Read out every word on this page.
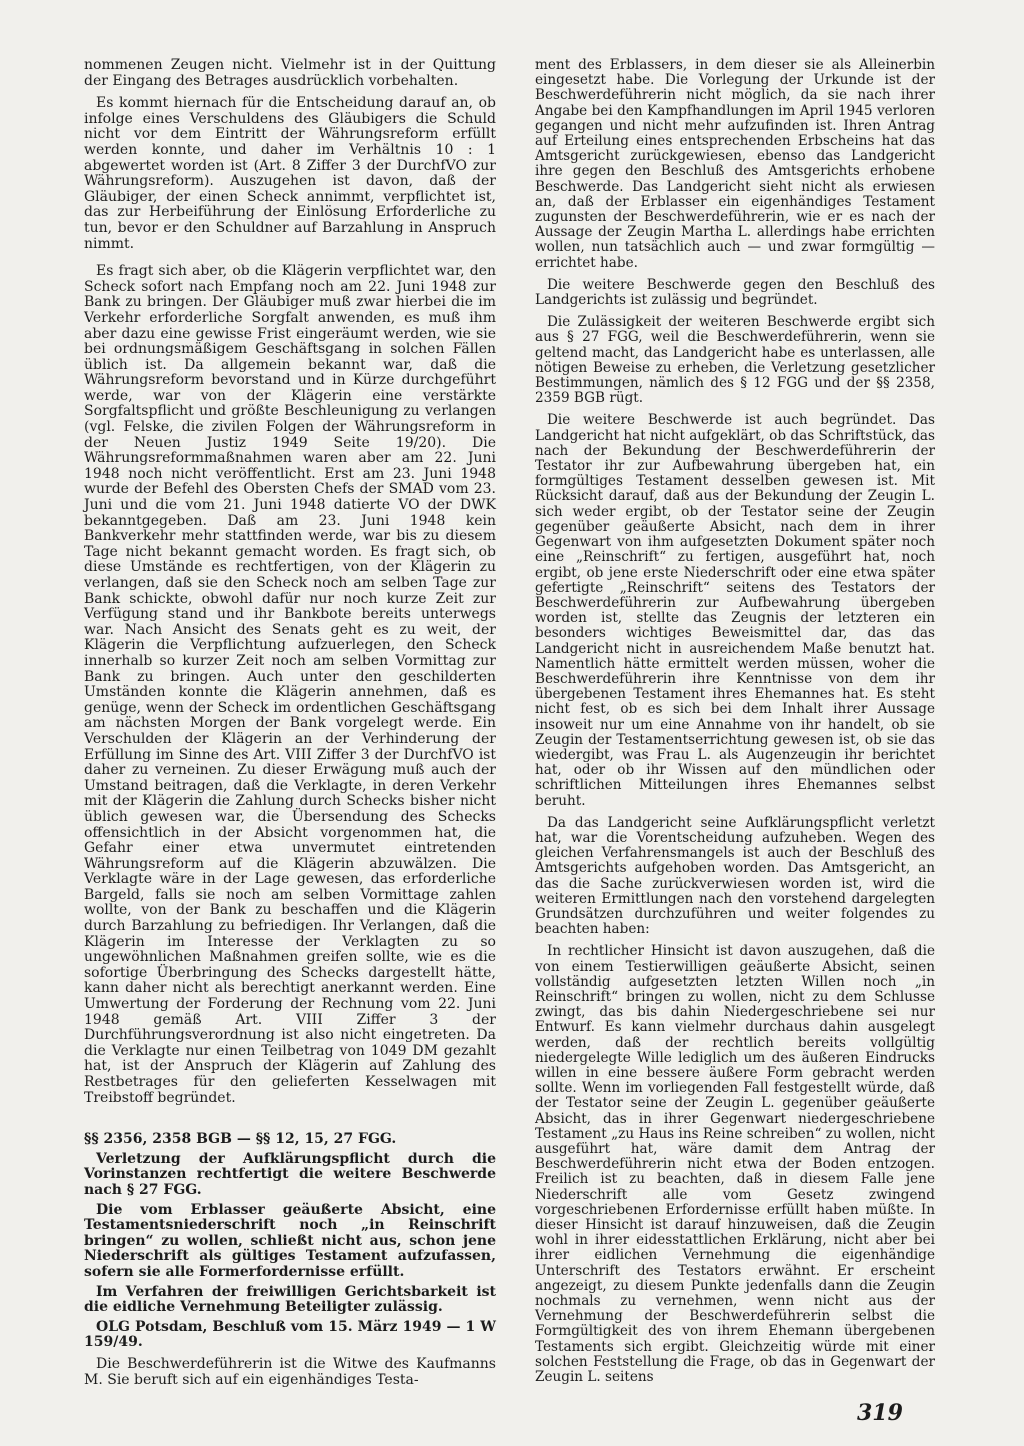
nommenen Zeugen nicht. Vielmehr ist in der Quittung der Eingang des Betrages ausdrücklich vorbehalten.

Es kommt hiernach für die Entscheidung darauf an, ob infolge eines Verschuldens des Gläubigers die Schuld nicht vor dem Eintritt der Währungsreform erfüllt werden konnte, und daher im Verhältnis 10 : 1 abgewertet worden ist (Art. 8 Ziffer 3 der DurchfVO zur Währungsreform). Auszugehen ist davon, daß der Gläubiger, der einen Scheck annimmt, verpflichtet ist, das zur Herbeiführung der Einlösung Erforderliche zu tun, bevor er den Schuldner auf Barzahlung in Anspruch nimmt.

Es fragt sich aber, ob die Klägerin verpflichtet war, den Scheck sofort nach Empfang noch am 22. Juni 1948 zur Bank zu bringen. Der Gläubiger muß zwar hierbei die im Verkehr erforderliche Sorgfalt anwenden, es muß ihm aber dazu eine gewisse Frist eingeräumt werden, wie sie bei ordnungsmäßigem Geschäftsgang in solchen Fällen üblich ist. Da allgemein bekannt war, daß die Währungsreform bevorstand und in Kürze durchgeführt werde, war von der Klägerin eine verstärkte Sorgfaltspflicht und größte Beschleunigung zu verlangen (vgl. Felske, die zivilen Folgen der Währungsreform in der Neuen Justiz 1949 Seite 19/20). Die Währungsreformmaßnahmen waren aber am 22. Juni 1948 noch nicht veröffentlicht. Erst am 23. Juni 1948 wurde der Befehl des Obersten Chefs der SMAD vom 23. Juni und die vom 21. Juni 1948 datierte VO der DWK bekanntgegeben. Daß am 23. Juni 1948 kein Bankverkehr mehr stattfinden werde, war bis zu diesem Tage nicht bekannt gemacht worden. Es fragt sich, ob diese Umstände es rechtfertigen, von der Klägerin zu verlangen, daß sie den Scheck noch am selben Tage zur Bank schickte, obwohl dafür nur noch kurze Zeit zur Verfügung stand und ihr Bankbote bereits unterwegs war. Nach Ansicht des Senats geht es zu weit, der Klägerin die Verpflichtung aufzuerlegen, den Scheck innerhalb so kurzer Zeit noch am selben Vormittag zur Bank zu bringen. Auch unter den geschilderten Umständen konnte die Klägerin annehmen, daß es genüge, wenn der Scheck im ordentlichen Geschäftsgang am nächsten Morgen der Bank vorgelegt werde. Ein Verschulden der Klägerin an der Verhinderung der Erfüllung im Sinne des Art. VIII Ziffer 3 der DurchfVO ist daher zu verneinen. Zu dieser Erwägung muß auch der Umstand beitragen, daß die Verklagte, in deren Verkehr mit der Klägerin die Zahlung durch Schecks bisher nicht üblich gewesen war, die Übersendung des Schecks offensichtlich in der Absicht vorgenommen hat, die Gefahr einer etwa unvermutet eintretenden Währungsreform auf die Klägerin abzuwälzen. Die Verklagte wäre in der Lage gewesen, das erforderliche Bargeld, falls sie noch am selben Vormittage zahlen wollte, von der Bank zu beschaffen und die Klägerin durch Barzahlung zu befriedigen. Ihr Verlangen, daß die Klägerin im Interesse der Verklagten zu so ungewöhnlichen Maßnahmen greifen sollte, wie es die sofortige Überbringung des Schecks dargestellt hätte, kann daher nicht als berechtigt anerkannt werden. Eine Umwertung der Forderung der Rechnung vom 22. Juni 1948 gemäß Art. VIII Ziffer 3 der Durchführungsverordnung ist also nicht eingetreten. Da die Verklagte nur einen Teilbetrag von 1049 DM gezahlt hat, ist der Anspruch der Klägerin auf Zahlung des Restbetrages für den gelieferten Kesselwagen mit Treibstoff begründet.

§§ 2356, 2358 BGB — §§ 12, 15, 27 FGG.

Verletzung der Aufklärungspflicht durch die Vorinstanzen rechtfertigt die weitere Beschwerde nach § 27 FGG.

Die vom Erblasser geäußerte Absicht, eine Testamentsniederschrift noch „in Reinschrift bringen“ zu wollen, schließt nicht aus, schon jene Niederschrift als gültiges Testament aufzufassen, sofern sie alle Formerfordernisse erfüllt.

Im Verfahren der freiwilligen Gerichtsbarkeit ist die eidliche Vernehmung Beteiligter zulässig.

OLG Potsdam, Beschluß vom 15. März 1949 — 1 W 159/49.

Die Beschwerdeführerin ist die Witwe des Kaufmanns M. Sie beruft sich auf ein eigenhändiges Testa-

ment des Erblassers, in dem dieser sie als Alleinerbin eingesetzt habe. Die Vorlegung der Urkunde ist der Beschwerdeführerin nicht möglich, da sie nach ihrer Angabe bei den Kampfhandlungen im April 1945 verloren gegangen und nicht mehr aufzufinden ist. Ihren Antrag auf Erteilung eines entsprechenden Erbscheins hat das Amtsgericht zurückgewiesen, ebenso das Landgericht ihre gegen den Beschluß des Amtsgerichts erhobene Beschwerde. Das Landgericht sieht nicht als erwiesen an, daß der Erblasser ein eigenhändiges Testament zugunsten der Beschwerdeführerin, wie er es nach der Aussage der Zeugin Martha L. allerdings habe errichten wollen, nun tatsächlich auch — und zwar formgültig — errichtet habe.

Die weitere Beschwerde gegen den Beschluß des Landgerichts ist zulässig und begründet.

Die Zulässigkeit der weiteren Beschwerde ergibt sich aus § 27 FGG, weil die Beschwerdeführerin, wenn sie geltend macht, das Landgericht habe es unterlassen, alle nötigen Beweise zu erheben, die Verletzung gesetzlicher Bestimmungen, nämlich des § 12 FGG und der §§ 2358, 2359 BGB rügt.

Die weitere Beschwerde ist auch begründet. Das Landgericht hat nicht aufgeklärt, ob das Schriftstück, das nach der Bekundung der Beschwerdeführerin der Testator ihr zur Aufbewahrung übergeben hat, ein formgültiges Testament desselben gewesen ist. Mit Rücksicht darauf, daß aus der Bekundung der Zeugin L. sich weder ergibt, ob der Testator seine der Zeugin gegenüber geäußerte Absicht, nach dem in ihrer Gegenwart von ihm aufgesetzten Dokument später noch eine „Reinschrift“ zu fertigen, ausgeführt hat, noch ergibt, ob jene erste Niederschrift oder eine etwa später gefertigte „Reinschrift“ seitens des Testators der Beschwerdeführerin zur Aufbewahrung übergeben worden ist, stellte das Zeugnis der letzteren ein besonders wichtiges Beweismittel dar, das das Landgericht nicht in ausreichendem Maße benutzt hat. Namentlich hätte ermittelt werden müssen, woher die Beschwerdeführerin ihre Kenntnisse von dem ihr übergebenen Testament ihres Ehemannes hat. Es steht nicht fest, ob es sich bei dem Inhalt ihrer Aussage insoweit nur um eine Annahme von ihr handelt, ob sie Zeugin der Testamentserrichtung gewesen ist, ob sie das wiedergibt, was Frau L. als Augenzeugin ihr berichtet hat, oder ob ihr Wissen auf den mündlichen oder schriftlichen Mitteilungen ihres Ehemannes selbst beruht.

Da das Landgericht seine Aufklärungspflicht verletzt hat, war die Vorentscheidung aufzuheben. Wegen des gleichen Verfahrensmangels ist auch der Beschluß des Amtsgerichts aufgehoben worden. Das Amtsgericht, an das die Sache zurückverwiesen worden ist, wird die weiteren Ermittlungen nach den vorstehend dargelegten Grundsätzen durchzuführen und weiter folgendes zu beachten haben:

In rechtlicher Hinsicht ist davon auszugehen, daß die von einem Testierwilligen geäußerte Absicht, seinen vollständig aufgesetzten letzten Willen noch „in Reinschrift“ bringen zu wollen, nicht zu dem Schlusse zwingt, das bis dahin Niedergeschriebene sei nur Entwurf. Es kann vielmehr durchaus dahin ausgelegt werden, daß der rechtlich bereits vollgültig niedergelegte Wille lediglich um des äußeren Eindrucks willen in eine bessere äußere Form gebracht werden sollte. Wenn im vorliegenden Fall festgestellt würde, daß der Testator seine der Zeugin L. gegenüber geäußerte Absicht, das in ihrer Gegenwart niedergeschriebene Testament „zu Haus ins Reine schreiben“ zu wollen, nicht ausgeführt hat, wäre damit dem Antrag der Beschwerdeführerin nicht etwa der Boden entzogen. Freilich ist zu beachten, daß in diesem Falle jene Niederschrift alle vom Gesetz zwingend vorgeschriebenen Erfordernisse erfüllt haben müßte. In dieser Hinsicht ist darauf hinzuweisen, daß die Zeugin wohl in ihrer eidesstattlichen Erklärung, nicht aber bei ihrer eidlichen Vernehmung die eigenhändige Unterschrift des Testators erwähnt. Er erscheint angezeigt, zu diesem Punkte jedenfalls dann die Zeugin nochmals zu vernehmen, wenn nicht aus der Vernehmung der Beschwerdeführerin selbst die Formgültigkeit des von ihrem Ehemann übergebenen Testaments sich ergibt. Gleichzeitig würde mit einer solchen Feststellung die Frage, ob das in Gegenwart der Zeugin L. seitens

319
